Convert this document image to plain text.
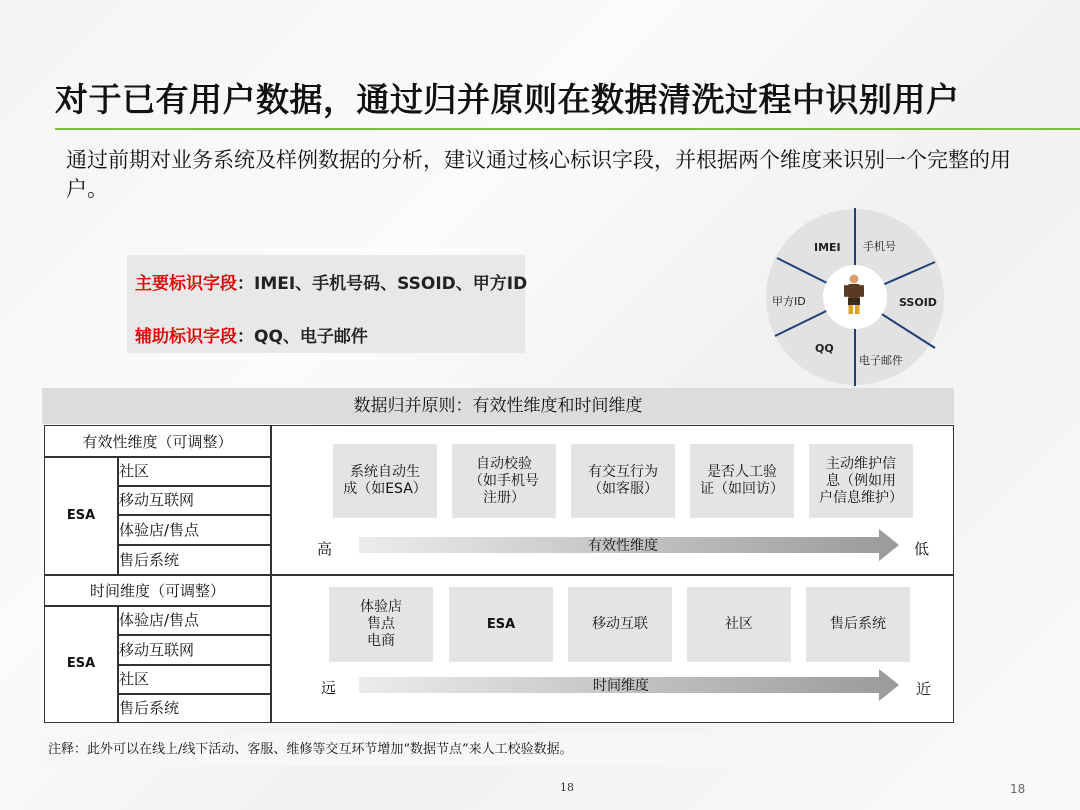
对于已有用户数据，通过归并原则在数据清洗过程中识别用户
通过前期对业务系统及样例数据的分析，建议通过核心标识字段，并根据两个维度来识别一个完整的用户。
主要标识字段：IMEI、手机号码、SSOID、甲方ID
辅助标识字段：QQ、电子邮件
IMEI 手机号
SSOID
电子邮件
QQ
甲方ID
数据归并原则：有效性维度和时间维度
有效性维度（可调整）
ESA
社区
移动互联网
体验店/售点
售后系统
时间维度（可调整）
ESA
体验店/售点
移动互联网
社区
售后系统
系统自动生
成（如ESA）
自动校验
（如手机号
注册）
有交互行为
（如客服）
是否人工验
证（如回访）
主动维护信
息（例如用
户信息维护）
高	有效性维度	低
体验店
售点
电商
ESA	移动互联	社区	售后系统
远	时间维度	近
注释：此外可以在线上/线下活动、客服、维修等交互环节增加“数据节点”来人工校验数据。
18	18
